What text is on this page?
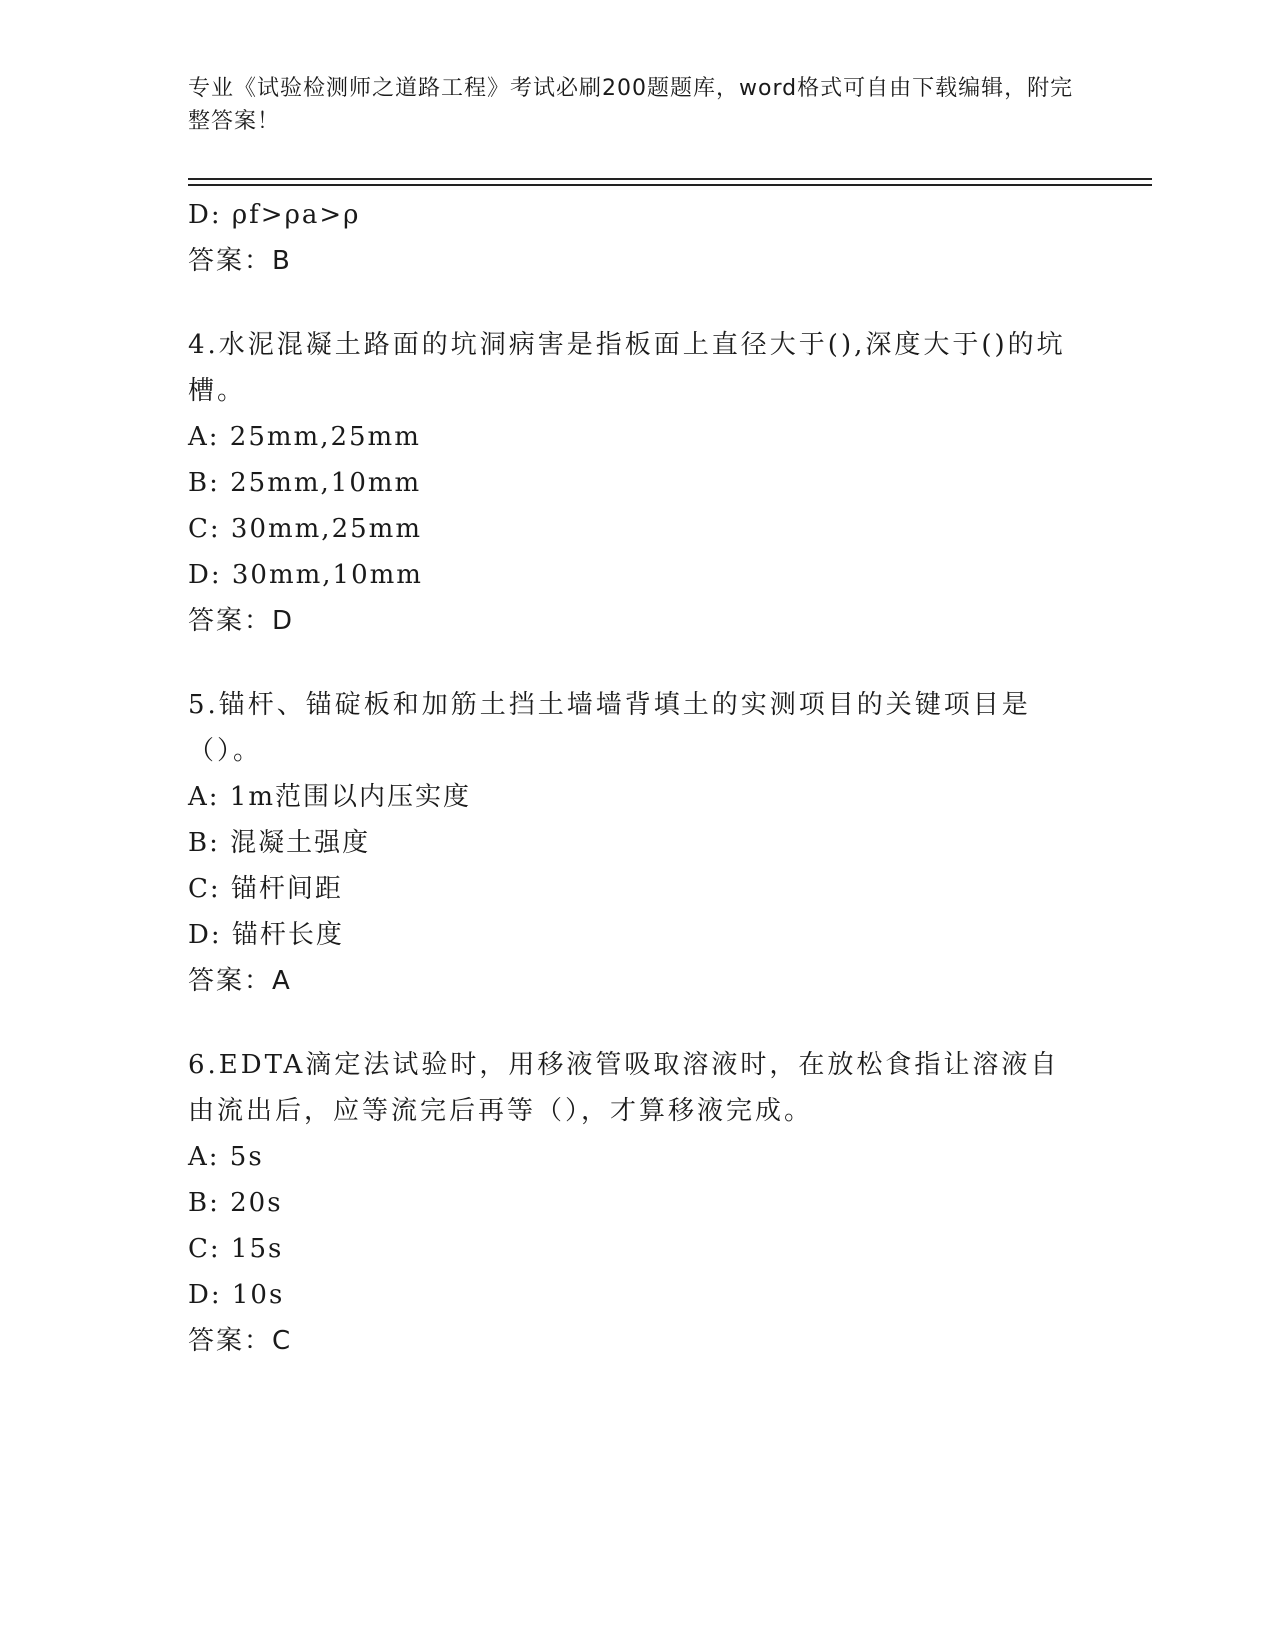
专业《试验检测师之道路工程》考试必刷200题题库，word格式可自由下载编辑，附完整答案！
D: ρf>ρa>ρ
答案：B
4.水泥混凝土路面的坑洞病害是指板面上直径大于(),深度大于()的坑槽。
A: 25mm,25mm
B: 25mm,10mm
C: 30mm,25mm
D: 30mm,10mm
答案：D
5.锚杆、锚碇板和加筋土挡土墙墙背填土的实测项目的关键项目是（）。
A: 1m范围以内压实度
B: 混凝土强度
C: 锚杆间距
D: 锚杆长度
答案：A
6.EDTA滴定法试验时，用移液管吸取溶液时，在放松食指让溶液自由流出后，应等流完后再等（），才算移液完成。
A: 5s
B: 20s
C: 15s
D: 10s
答案：C
